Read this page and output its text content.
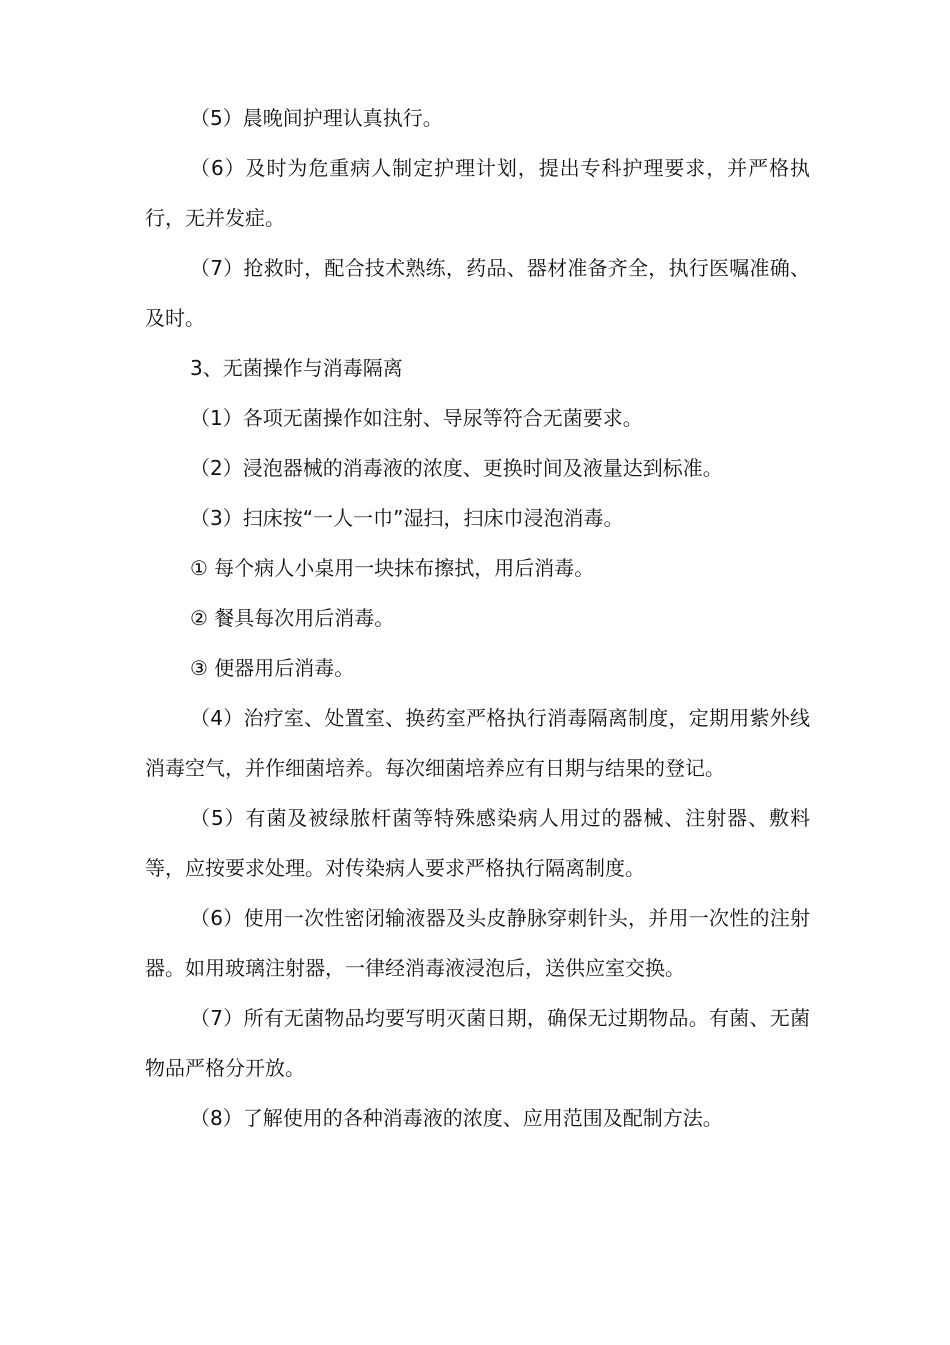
（5）晨晚间护理认真执行。

（6）及时为危重病人制定护理计划，提出专科护理要求，并严格执行，无并发症。

（7）抢救时，配合技术熟练，药品、器材准备齐全，执行医嘱准确、及时。

3、无菌操作与消毒隔离

（1）各项无菌操作如注射、导尿等符合无菌要求。

（2）浸泡器械的消毒液的浓度、更换时间及液量达到标准。

（3）扫床按“一人一巾”湿扫，扫床巾浸泡消毒。

① 每个病人小桌用一块抹布擦拭，用后消毒。

② 餐具每次用后消毒。

③ 便器用后消毒。

（4）治疗室、处置室、换药室严格执行消毒隔离制度，定期用紫外线消毒空气，并作细菌培养。每次细菌培养应有日期与结果的登记。

（5）有菌及被绿脓杆菌等特殊感染病人用过的器械、注射器、敷料等，应按要求处理。对传染病人要求严格执行隔离制度。

（6）使用一次性密闭输液器及头皮静脉穿刺针头，并用一次性的注射器。如用玻璃注射器，一律经消毒液浸泡后，送供应室交换。

（7）所有无菌物品均要写明灭菌日期，确保无过期物品。有菌、无菌物品严格分开放。

（8）了解使用的各种消毒液的浓度、应用范围及配制方法。
